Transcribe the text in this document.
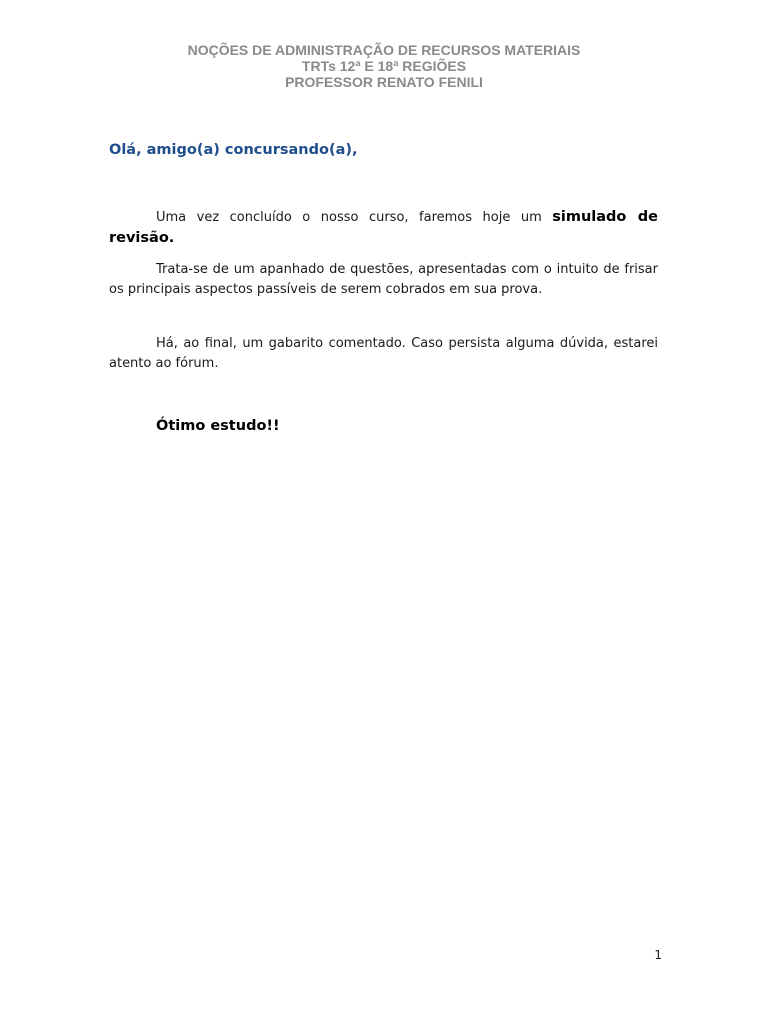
NOÇÕES DE ADMINISTRAÇÃO DE RECURSOS MATERIAIS
TRTs 12ª E 18ª REGIÕES
PROFESSOR RENATO FENILI
Olá, amigo(a) concursando(a),

Uma vez concluído o nosso curso, faremos hoje um simulado de revisão.

Trata-se de um apanhado de questões, apresentadas com o intuito de frisar os principais aspectos passíveis de serem cobrados em sua prova.

Há, ao final, um gabarito comentado. Caso persista alguma dúvida, estarei atento ao fórum.

Ótimo estudo!!
1
